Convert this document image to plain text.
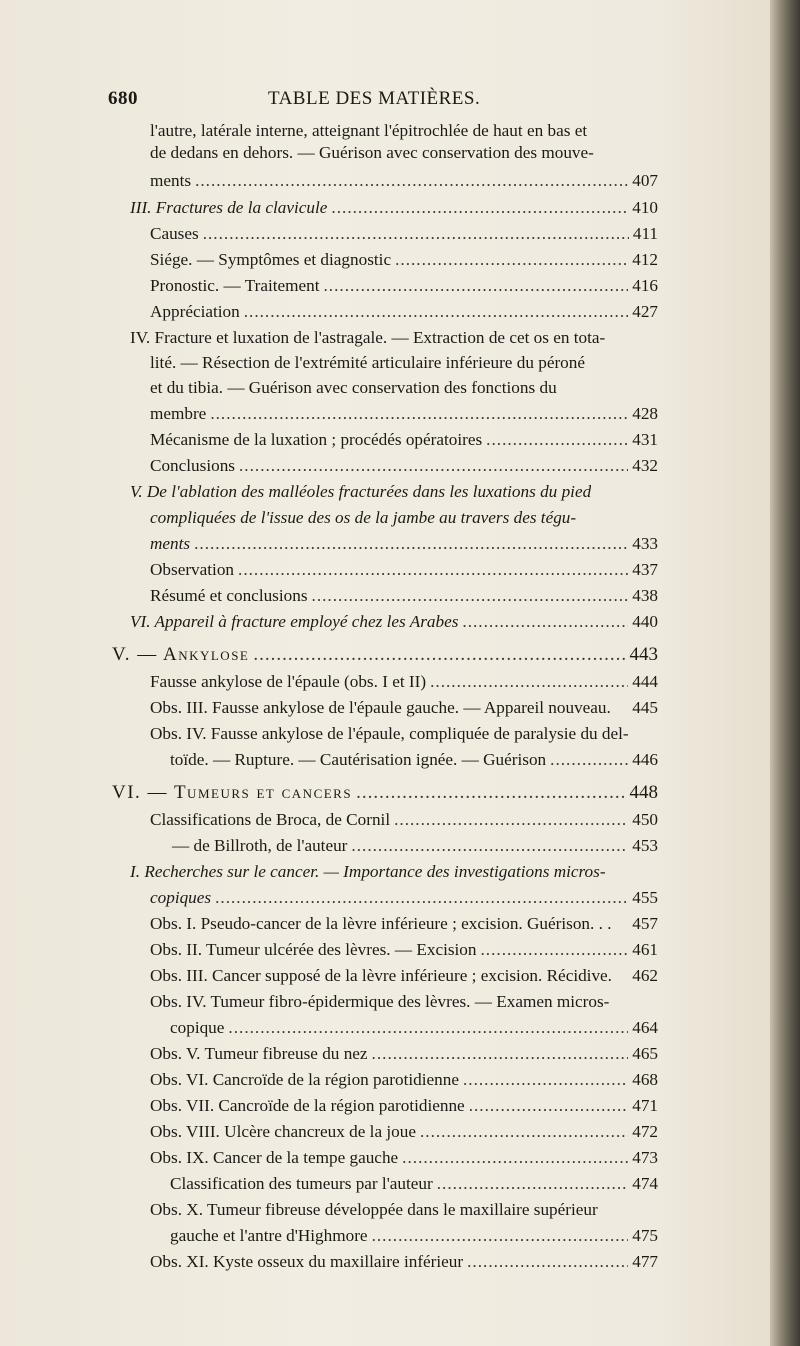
680	TABLE DES MATIÈRES.
l'autre, latérale interne, atteignant l'épitrochlée de haut en bas et
de dedans en dehors. — Guérison avec conservation des mouve-
ments .....	407
III. Fractures de la clavicule .....	410
Causes .....	411
Siége. — Symptômes et diagnostic .....	412
Pronostic. — Traitement .....	416
Appréciation .....	427
IV. Fracture et luxation de l'astragale. — Extraction de cet os en tota-
lité. — Résection de l'extrémité articulaire inférieure du péroné
et du tibia. — Guérison avec conservation des fonctions du
membre .....	428
Mécanisme de la luxation ; procédés opératoires .....	431
Conclusions .....	432
V. De l'ablation des malléoles fracturées dans les luxations du pied
compliquées de l'issue des os de la jambe au travers des tégu-
ments .....	433
Observation .....	437
Résumé et conclusions .....	438
VI. Appareil à fracture employé chez les Arabes .....	440
V. — Ankylose .....	443
Fausse ankylose de l'épaule (obs. I et II) .....	444
Obs. III. Fausse ankylose de l'épaule gauche. — Appareil nouveau. 445
Obs. IV. Fausse ankylose de l'épaule, compliquée de paralysie du del-
toïde. — Rupture. — Cautérisation ignée. — Guérison .....	446
VI. — Tumeurs et cancers .....	448
Classifications de Broca, de Cornil .....	450
— de Billroth, de l'auteur .....	453
I. Recherches sur le cancer. — Importance des investigations micros-
copiques .....	455
Obs. I. Pseudo-cancer de la lèvre inférieure ; excision. Guérison. . . 457
Obs. II. Tumeur ulcérée des lèvres. — Excision .....	461
Obs. III. Cancer supposé de la lèvre inférieure ; excision. Récidive. 462
Obs. IV. Tumeur fibro-épidermique des lèvres. — Examen micros-
copique .....	464
Obs. V. Tumeur fibreuse du nez .....	465
Obs. VI. Cancroïde de la région parotidienne .....	468
Obs. VII. Cancroïde de la région parotidienne .....	471
Obs. VIII. Ulcère chancreux de la joue .....	472
Obs. IX. Cancer de la tempe gauche .....	473
Classification des tumeurs par l'auteur .....	474
Obs. X. Tumeur fibreuse développée dans le maxillaire supérieur
gauche et l'antre d'Highmore .....	475
Obs. XI. Kyste osseux du maxillaire inférieur .....	477
